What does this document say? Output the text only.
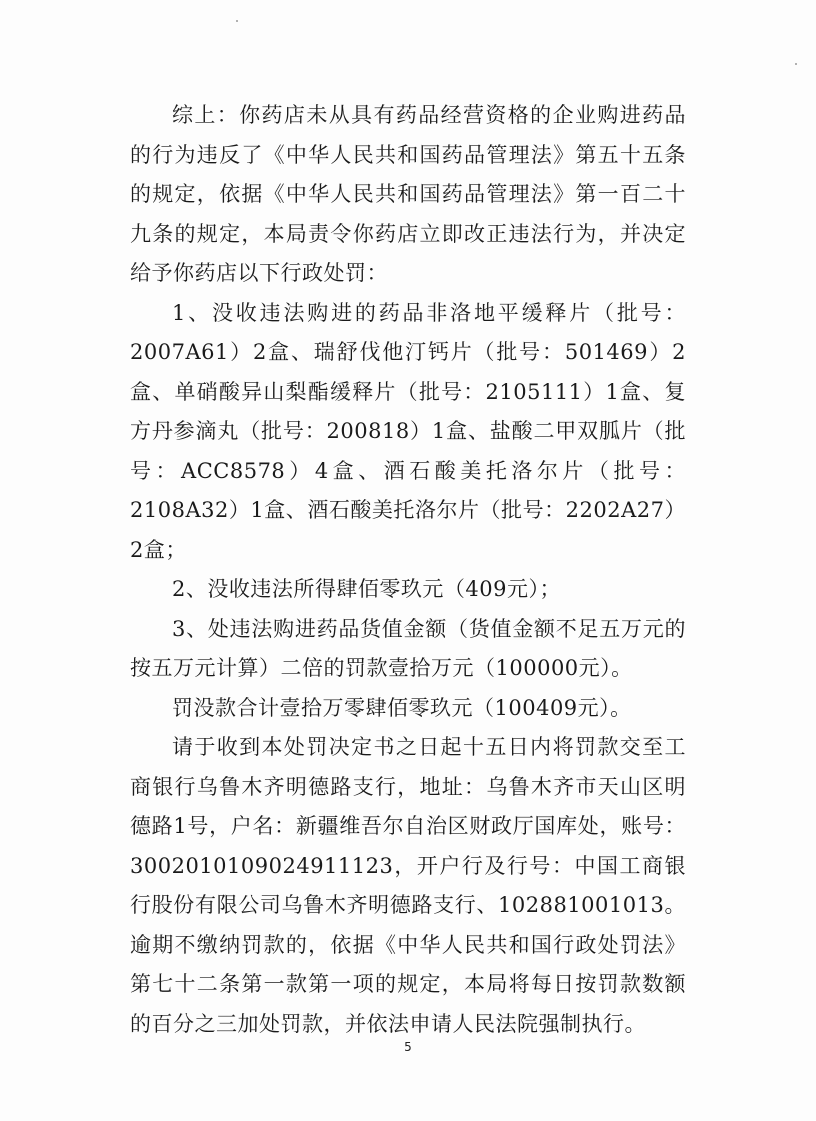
综上：你药店未从具有药品经营资格的企业购进药品的行为违反了《中华人民共和国药品管理法》第五十五条的规定，依据《中华人民共和国药品管理法》第一百二十九条的规定，本局责令你药店立即改正违法行为，并决定给予你药店以下行政处罚：

1、没收违法购进的药品非洛地平缓释片（批号：2007A61）2盒、瑞舒伐他汀钙片（批号：501469）2盒、单硝酸异山梨酯缓释片（批号：2105111）1盒、复方丹参滴丸（批号：200818）1盒、盐酸二甲双胍片（批号：ACC8578）4盒、酒石酸美托洛尔片（批号：2108A32）1盒、酒石酸美托洛尔片（批号：2202A27）2盒；

2、没收违法所得肆佰零玖元（409元）；

3、处违法购进药品货值金额（货值金额不足五万元的按五万元计算）二倍的罚款壹拾万元（100000元）。

罚没款合计壹拾万零肆佰零玖元（100409元）。

请于收到本处罚决定书之日起十五日内将罚款交至工商银行乌鲁木齐明德路支行，地址：乌鲁木齐市天山区明德路1号，户名：新疆维吾尔自治区财政厅国库处，账号：3002010109024911123，开户行及行号：中国工商银行股份有限公司乌鲁木齐明德路支行、102881001013。逾期不缴纳罚款的，依据《中华人民共和国行政处罚法》第七十二条第一款第一项的规定，本局将每日按罚款数额的百分之三加处罚款，并依法申请人民法院强制执行。

5
